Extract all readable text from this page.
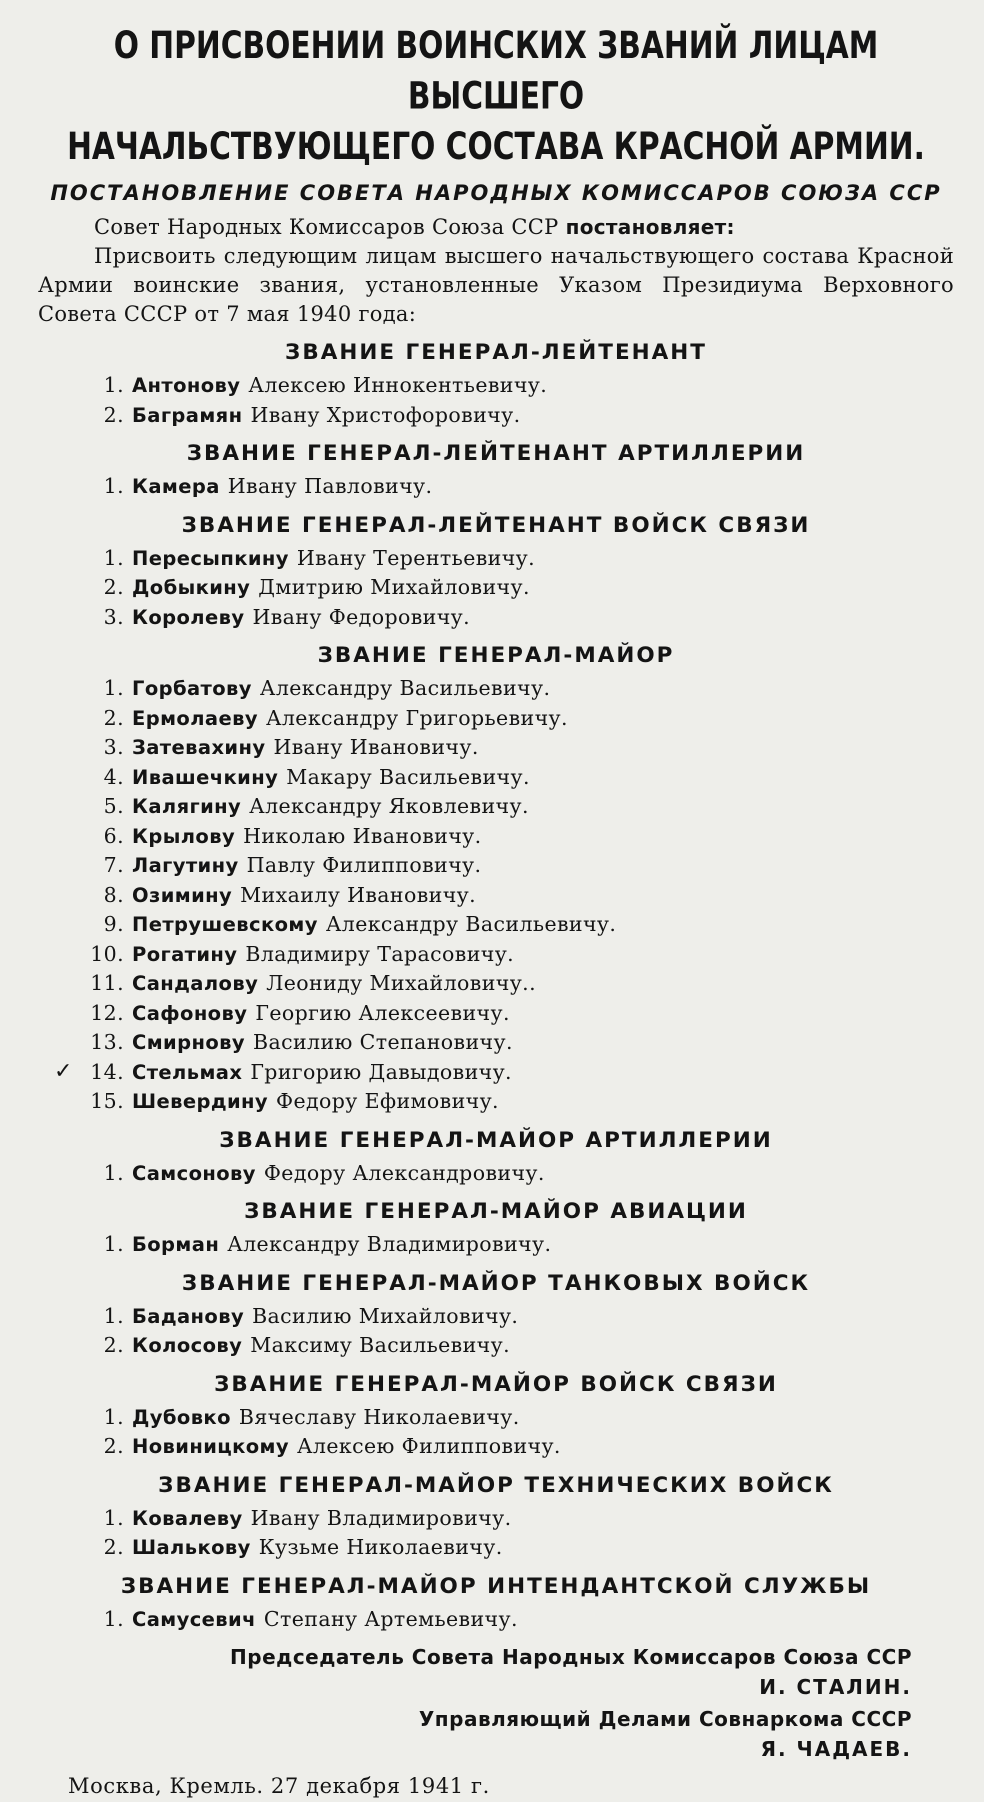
О ПРИСВОЕНИИ ВОИНСКИХ ЗВАНИЙ ЛИЦАМ ВЫСШЕГО
НАЧАЛЬСТВУЮЩЕГО СОСТАВА КРАСНОЙ АРМИИ.
ПОСТАНОВЛЕНИЕ СОВЕТА НАРОДНЫХ КОМИССАРОВ СОЮЗА ССР

Совет Народных Комиссаров Союза ССР постановляет:

Присвоить следующим лицам высшего начальствующего состава Красной Армии воинские звания, установленные Указом Президиума Верховного Совета СССР от 7 мая 1940 года:

ЗВАНИЕ ГЕНЕРАЛ-ЛЕЙТЕНАНТ
1. Антонову Алексею Иннокентьевичу.
2. Баграмян Ивану Христофоровичу.
ЗВАНИЕ ГЕНЕРАЛ-ЛЕЙТЕНАНТ АРТИЛЛЕРИИ
1. Камера Ивану Павловичу.
ЗВАНИЕ ГЕНЕРАЛ-ЛЕЙТЕНАНТ ВОЙСК СВЯЗИ
1. Пересыпкину Ивану Терентьевичу.
2. Добыкину Дмитрию Михайловичу.
3. Королеву Ивану Федоровичу.
ЗВАНИЕ ГЕНЕРАЛ-МАЙОР
1. Горбатову Александру Васильевичу.
2. Ермолаеву Александру Григорьевичу.
3. Затевахину Ивану Ивановичу.
4. Ивашечкину Макару Васильевичу.
5. Калягину Александру Яковлевичу.
6. Крылову Николаю Ивановичу.
7. Лагутину Павлу Филипповичу.
8. Озимину Михаилу Ивановичу.
9. Петрушевскому Александру Васильевичу.
10. Рогатину Владимиру Тарасовичу.
11. Сандалову Леониду Михайловичу..
12. Сафонову Георгию Алексеевичу.
13. Смирнову Василию Степановичу.
✓ 14. Стельмах Григорию Давыдовичу.
15. Шевердину Федору Ефимовичу.
ЗВАНИЕ ГЕНЕРАЛ-МАЙОР АРТИЛЛЕРИИ
1. Самсонову Федору Александровичу.
ЗВАНИЕ ГЕНЕРАЛ-МАЙОР АВИАЦИИ
1. Борман Александру Владимировичу.
ЗВАНИЕ ГЕНЕРАЛ-МАЙОР ТАНКОВЫХ ВОЙСК
1. Баданову Василию Михайловичу.
2. Колосову Максиму Васильевичу.
ЗВАНИЕ ГЕНЕРАЛ-МАЙОР ВОЙСК СВЯЗИ
1. Дубовко Вячеславу Николаевичу.
2. Новиницкому Алексею Филипповичу.
ЗВАНИЕ ГЕНЕРАЛ-МАЙОР ТЕХНИЧЕСКИХ ВОЙСК
1. Ковалеву Ивану Владимировичу.
2. Шалькову Кузьме Николаевичу.
ЗВАНИЕ ГЕНЕРАЛ-МАЙОР ИНТЕНДАНТСКОЙ СЛУЖБЫ
1. Самусевич Степану Артемьевичу.
Председатель Совета Народных Комиссаров Союза ССР
И. СТАЛИН.
Управляющий Делами Совнаркома СССР
Я. ЧАДАЕВ.
Москва, Кремль. 27 декабря 1941 г.
